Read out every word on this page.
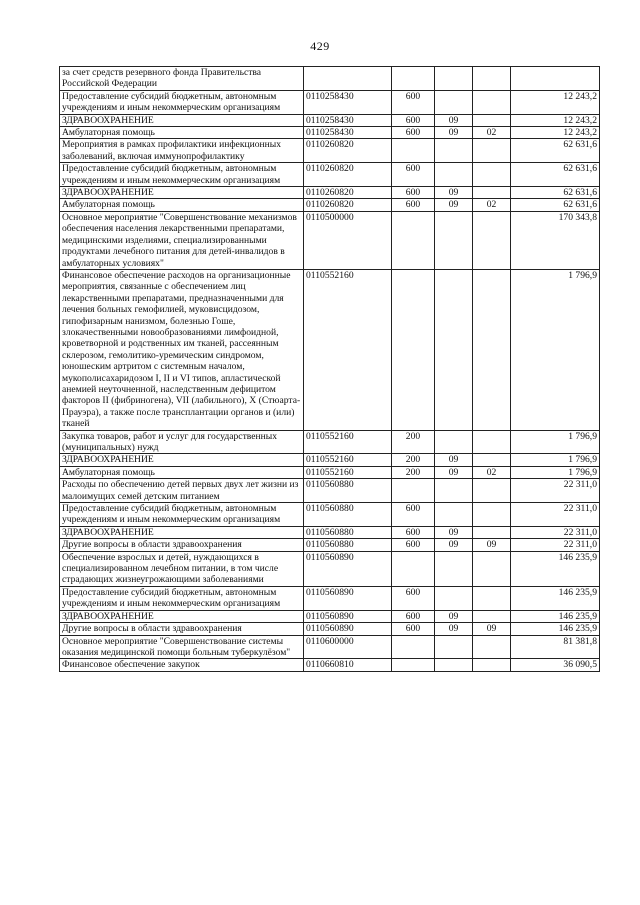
429
за счет средств резервного фонда Правительства Российской Федерации					
Предоставление субсидий бюджетным, автономным учреждениям и иным некоммерческим организациям	0110258430	600			12 243,2
ЗДРАВООХРАНЕНИЕ	0110258430	600	09		12 243,2
Амбулаторная помощь	0110258430	600	09	02	12 243,2
Мероприятия в рамках профилактики инфекционных заболеваний, включая иммунопрофилактику	0110260820				62 631,6
Предоставление субсидий бюджетным, автономным учреждениям и иным некоммерческим организациям	0110260820	600			62 631,6
ЗДРАВООХРАНЕНИЕ	0110260820	600	09		62 631,6
Амбулаторная помощь	0110260820	600	09	02	62 631,6
Основное мероприятие "Совершенствование механизмов обеспечения населения лекарственными препаратами, медицинскими изделиями, специализированными продуктами лечебного питания для детей-инвалидов в амбулаторных условиях"	0110500000				170 343,8
Финансовое обеспечение расходов на организационные мероприятия, связанные с обеспечением лиц лекарственными препаратами, предназначенными для лечения больных гемофилией, муковисцидозом, гипофизарным нанизмом, болезнью Гоше, злокачественными новообразованиями лимфоидной, кроветворной и родственных им тканей, рассеянным склерозом, гемолитико-уремическим синдромом, юношеским артритом с системным началом, мукополисахаридозом I, II и VI типов, апластической анемией неуточненной, наследственным дефицитом факторов II (фибриногена), VII (лабильного), X (Стюарта-Прауэра), а также после трансплантации органов и (или) тканей	0110552160				1 796,9
Закупка товаров, работ и услуг для государственных (муниципальных) нужд	0110552160	200			1 796,9
ЗДРАВООХРАНЕНИЕ	0110552160	200	09		1 796,9
Амбулаторная помощь	0110552160	200	09	02	1 796,9
Расходы по обеспечению детей первых двух лет жизни из малоимущих семей детским питанием	0110560880				22 311,0
Предоставление субсидий бюджетным, автономным учреждениям и иным некоммерческим организациям	0110560880	600			22 311,0
ЗДРАВООХРАНЕНИЕ	0110560880	600	09		22 311,0
Другие вопросы в области здравоохранения	0110560880	600	09	09	22 311,0
Обеспечение взрослых и детей, нуждающихся в специализированном лечебном питании, в том числе страдающих жизнеугрожающими заболеваниями	0110560890				146 235,9
Предоставление субсидий бюджетным, автономным учреждениям и иным некоммерческим организациям	0110560890	600			146 235,9
ЗДРАВООХРАНЕНИЕ	0110560890	600	09		146 235,9
Другие вопросы в области здравоохранения	0110560890	600	09	09	146 235,9
Основное мероприятие "Совершенствование системы оказания медицинской помощи больным туберкулёзом"	0110600000				81 381,8
Финансовое обеспечение закупок	0110660810				36 090,5
